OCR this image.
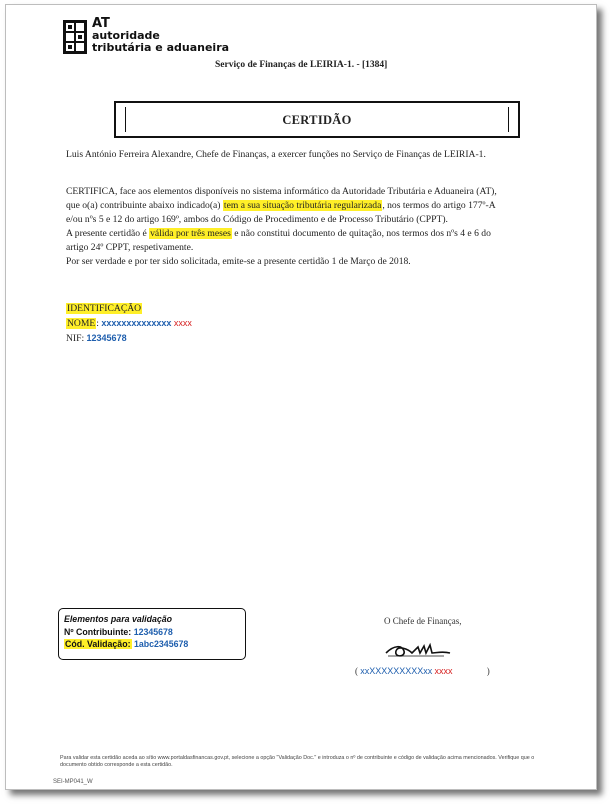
AT
autoridade
tributária e aduaneira
Serviço de Finanças de LEIRIA-1. - [1384]
CERTIDÃO
Luis António Ferreira Alexandre, Chefe de Finanças, a exercer funções no Serviço de Finanças de LEIRIA-1.
CERTIFICA, face aos elementos disponíveis no sistema informático da Autoridade Tributária e Aduaneira (AT),
que o(a) contribuinte abaixo indicado(a) tem a sua situação tributária regularizada, nos termos do artigo 177º-A
e/ou nºs 5 e 12 do artigo 169º, ambos do Código de Procedimento e de Processo Tributário (CPPT).
A presente certidão é válida por três meses e não constitui documento de quitação, nos termos dos nºs 4 e 6 do
artigo 24º CPPT, respetivamente.
Por ser verdade e por ter sido solicitada, emite-se a presente certidão 1 de Março de 2018.
IDENTIFICAÇÃO
NOME: xxxxxxxxxxxxxx xxxx
NIF: 12345678
Elementos para validação
Nº Contribuinte: 12345678
Cód. Validação: 1abc2345678
O Chefe de Finanças,
( xxXXXXXXXXXxx xxxx	)
Para validar esta certidão aceda ao sítio www.portaldasfinancas.gov.pt, selecione a opção "Validação Doc." e introduza o nº de contribuinte e código de validação acima mencionados. Verifique que o documento obtido corresponde a esta certidão.
SEI-MP041_W
